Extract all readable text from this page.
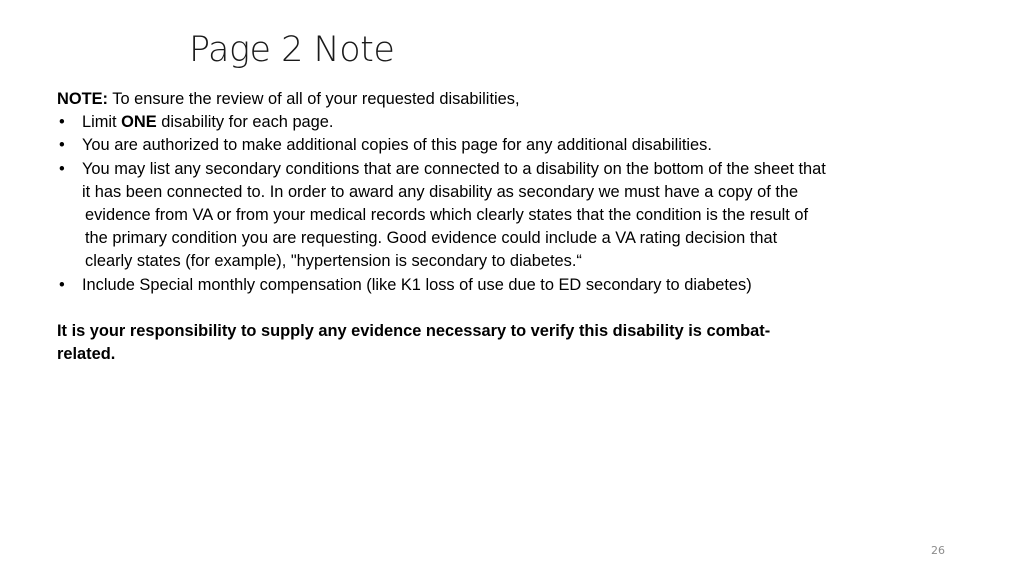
Page 2 Note

NOTE: To ensure the review of all of your requested disabilities,

• Limit ONE disability for each page.
• You are authorized to make additional copies of this page for any additional disabilities.
• You may list any secondary conditions that are connected to a disability on the bottom of the sheet that
it has been connected to. In order to award any disability as secondary we must have a copy of the
evidence from VA or from your medical records which clearly states that the condition is the result of
the primary condition you are requesting. Good evidence could include a VA rating decision that
clearly states (for example), "hypertension is secondary to diabetes.“
• Include Special monthly compensation (like K1 loss of use due to ED secondary to diabetes)

It is your responsibility to supply any evidence necessary to verify this disability is combat-
related.

26
